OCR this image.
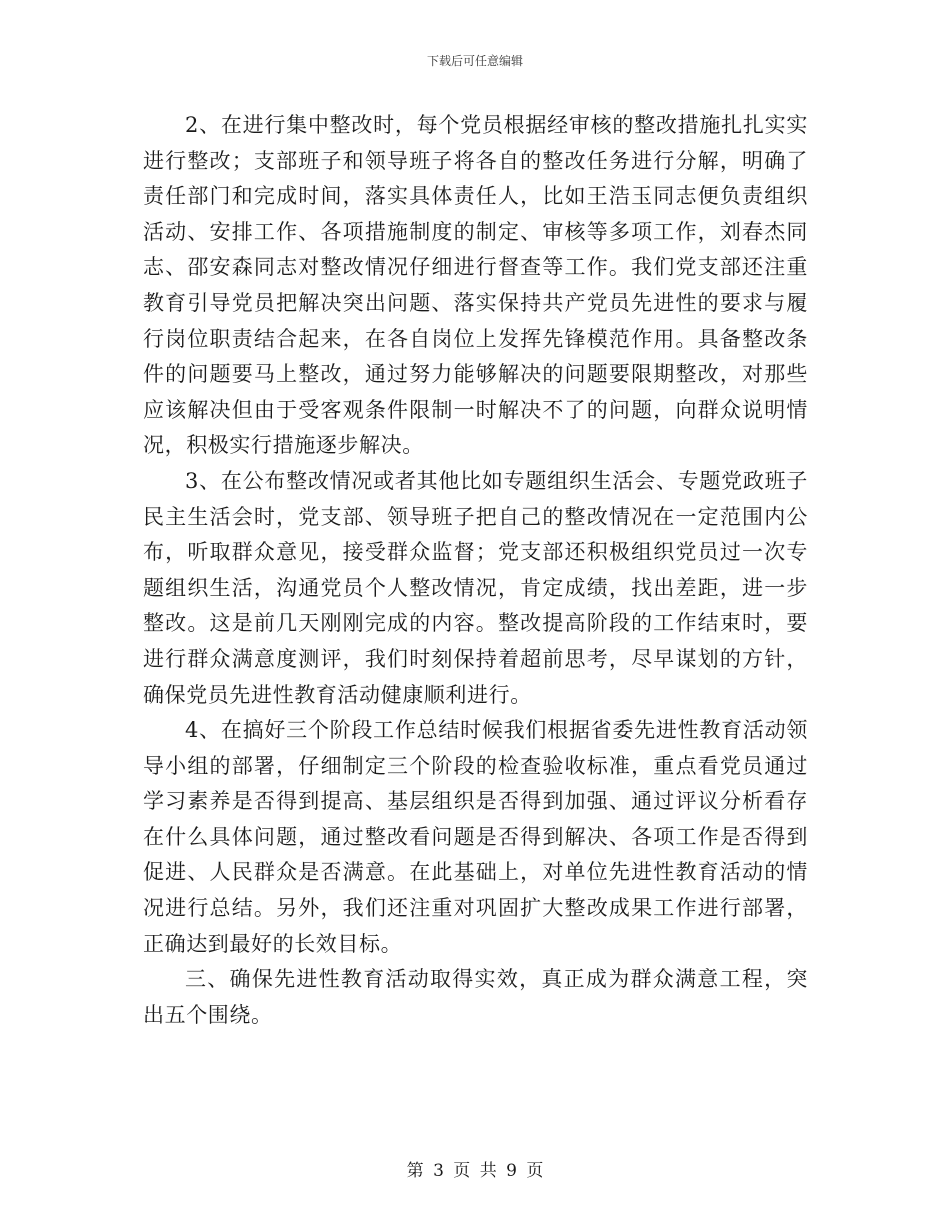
下载后可任意编辑

2、在进行集中整改时，每个党员根据经审核的整改措施扎扎实实进行整改；支部班子和领导班子将各自的整改任务进行分解，明确了责任部门和完成时间，落实具体责任人，比如王浩玉同志便负责组织活动、安排工作、各项措施制度的制定、审核等多项工作，刘春杰同志、邵安森同志对整改情况仔细进行督查等工作。我们党支部还注重教育引导党员把解决突出问题、落实保持共产党员先进性的要求与履行岗位职责结合起来，在各自岗位上发挥先锋模范作用。具备整改条件的问题要马上整改，通过努力能够解决的问题要限期整改，对那些应该解决但由于受客观条件限制一时解决不了的问题，向群众说明情况，积极实行措施逐步解决。

3、在公布整改情况或者其他比如专题组织生活会、专题党政班子民主生活会时，党支部、领导班子把自己的整改情况在一定范围内公布，听取群众意见，接受群众监督；党支部还积极组织党员过一次专题组织生活，沟通党员个人整改情况，肯定成绩，找出差距，进一步整改。这是前几天刚刚完成的内容。整改提高阶段的工作结束时，要进行群众满意度测评，我们时刻保持着超前思考，尽早谋划的方针，确保党员先进性教育活动健康顺利进行。

4、在搞好三个阶段工作总结时候我们根据省委先进性教育活动领导小组的部署，仔细制定三个阶段的检查验收标准，重点看党员通过学习素养是否得到提高、基层组织是否得到加强、通过评议分析看存在什么具体问题，通过整改看问题是否得到解决、各项工作是否得到促进、人民群众是否满意。在此基础上，对单位先进性教育活动的情况进行总结。另外，我们还注重对巩固扩大整改成果工作进行部署，正确达到最好的长效目标。

三、确保先进性教育活动取得实效，真正成为群众满意工程，突出五个围绕。

第 3 页 共 9 页
